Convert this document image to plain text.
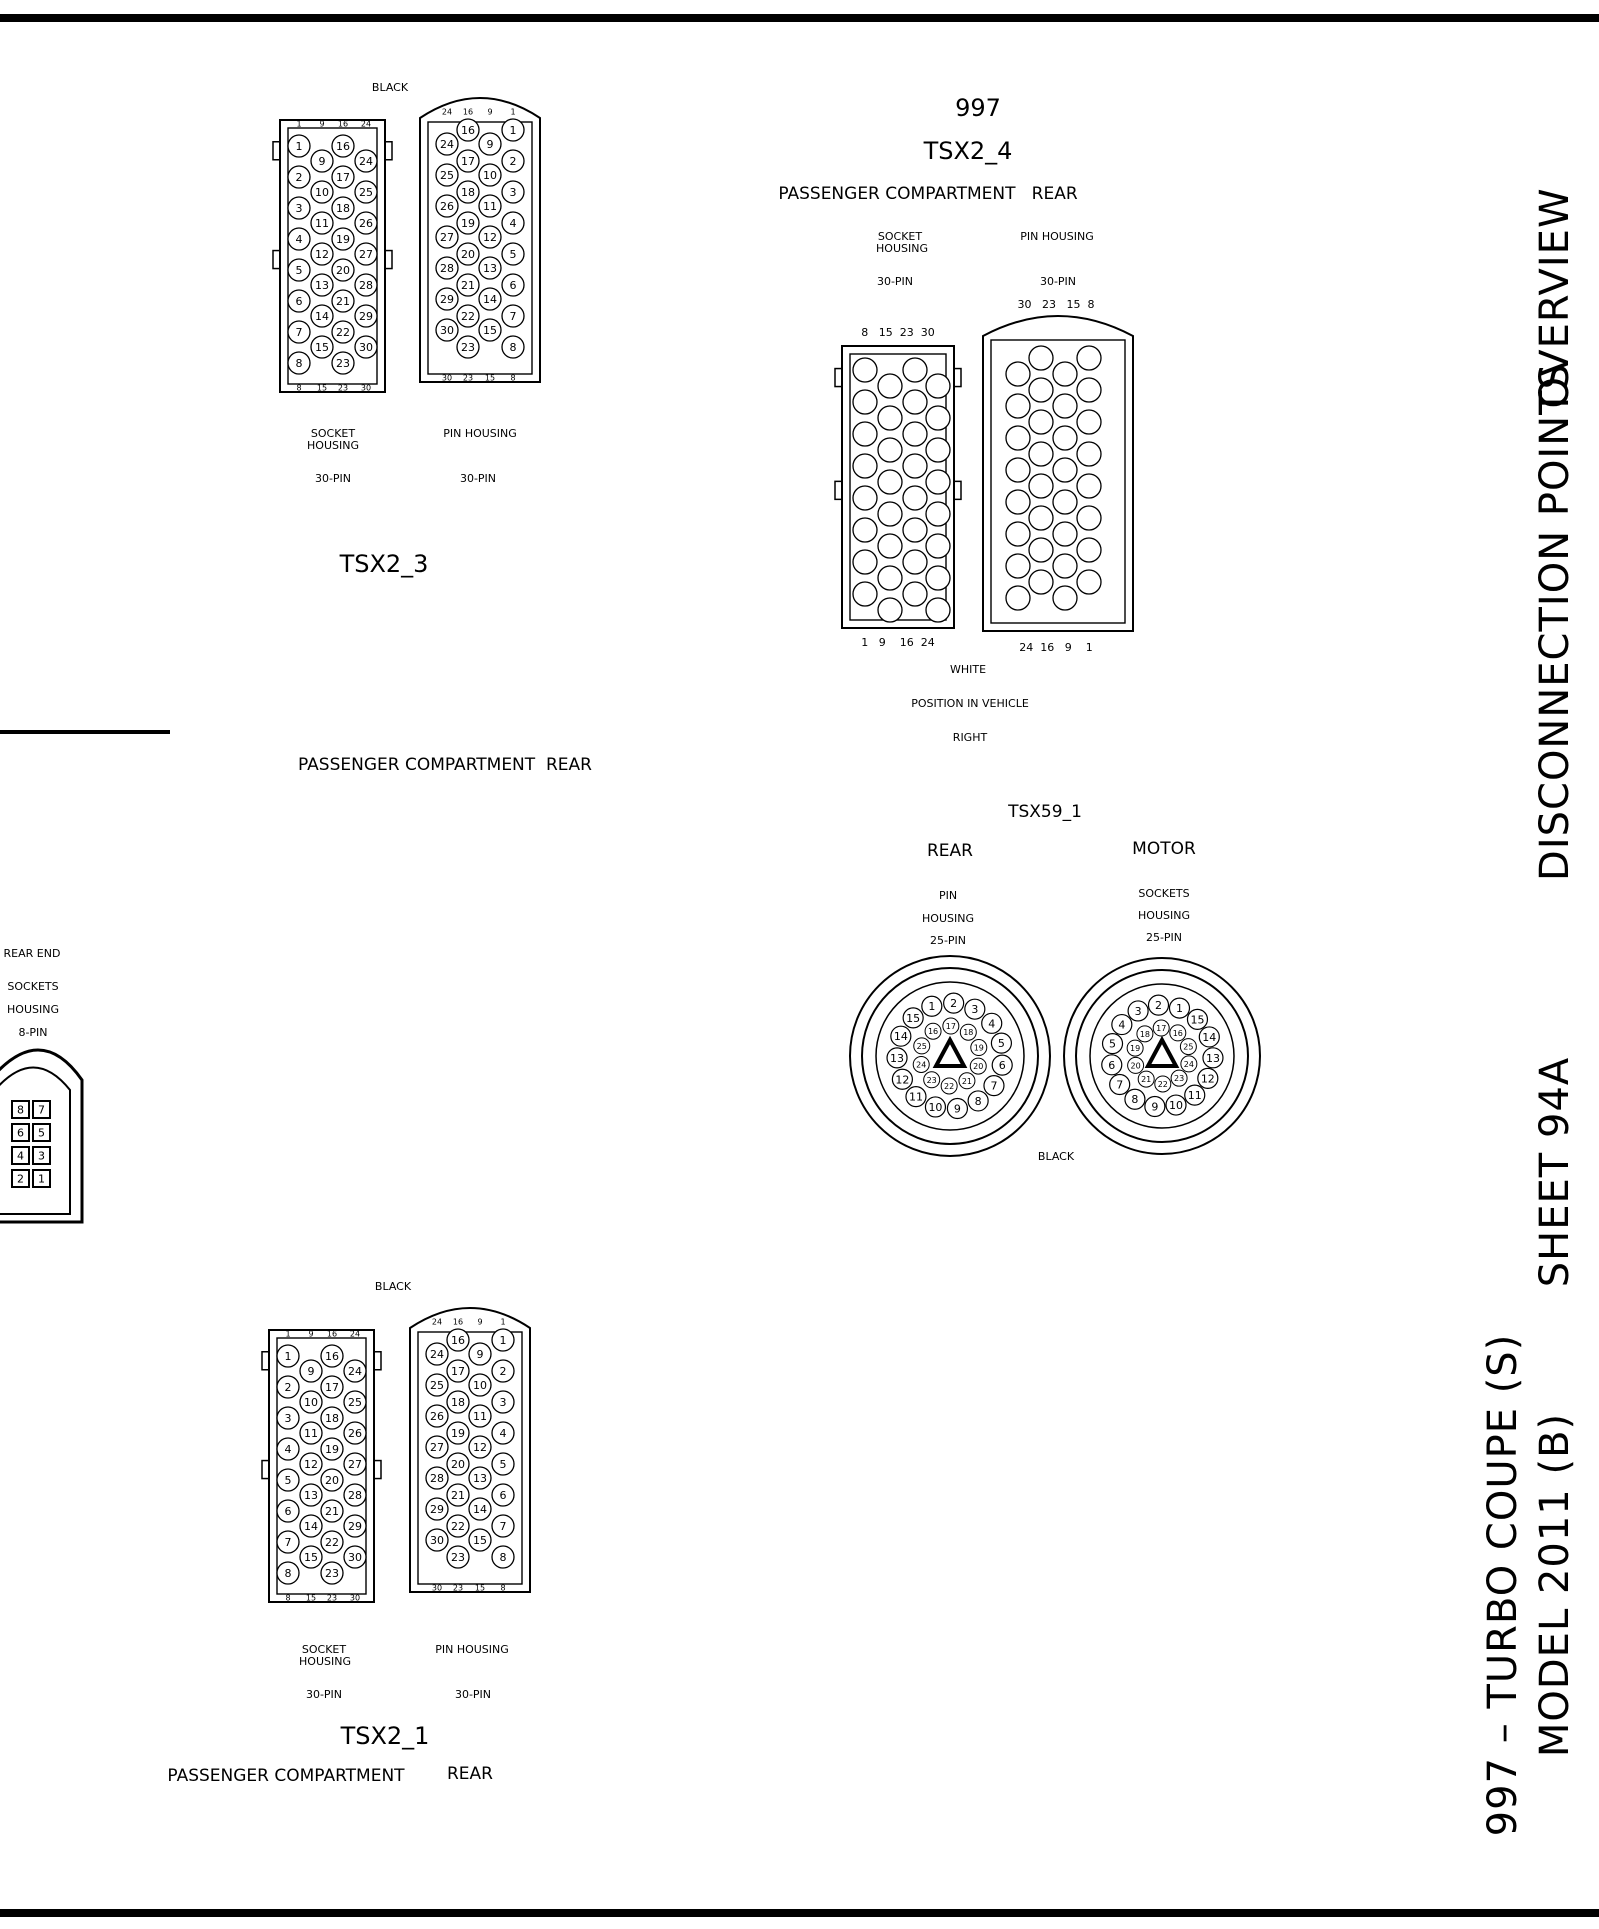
BLACK
1
2
3
4
5
6
7
8
9
10
11
12
13
14
15
16
17
18
19
20
21
22
23
24
25
26
27
28
29
30
1 9 16 24
8 15 23 30
24
25
26
27
28
29
30
16
17
18
19
20
21
22
23
9
10
11
12
13
14
15
1
2
3
4
5
6
7
8
24 16 9 1
30 23 15 8
SOCKET
HOUSING
PIN HOUSING
30-PIN	30-PIN
TSX2_3
PASSENGER COMPARTMENT  REAR
997
TSX2_4
PASSENGER COMPARTMENT   REAR
SOCKET
HOUSING
PIN HOUSING
30-PIN	30-PIN
30   23   15  8
8   15  23  30
1   9    16  24	24  16   9    1
WHITE
POSITION IN VEHICLE
RIGHT
TSX59_1
REAR	MOTOR
PIN
HOUSING
25-PIN
SOCKETS
HOUSING
25-PIN
1 2 3
4
5
6
7
8
9
10
11
12
13
14
15
16
17
18
19
20
21
22
23
24
25
1
2
3
4
5
6
7
8
9 10
11
12
13
14
15
16
17
18
19
20
21
22
23
24
25
BLACK
REAR END
SOCKETS
HOUSING
8-PIN
8 7
6 5
4 3
2 1
BLACK
1
2
3
4
5
6
7
8
9
10
11
12
13
14
15
16
17
18
19
20
21
22
23
24
25
26
27
28
29
30
1 9 16 24
8 15 23 30
24
25
26
27
28
29
30
16
17
18
19
20
21
22
23
9
10
11
12
13
14
15
1
2
3
4
5
6
7
8
24 16 9 1
30 23 15 8
SOCKET
HOUSING
PIN HOUSING
30-PIN	30-PIN
TSX2_1
PASSENGER COMPARTMENT REAR
OVERVIEW
DISCONNECTION POINTS
SHEET 94A
997 – TURBO COUPE (S) MODEL 2011 (B)
